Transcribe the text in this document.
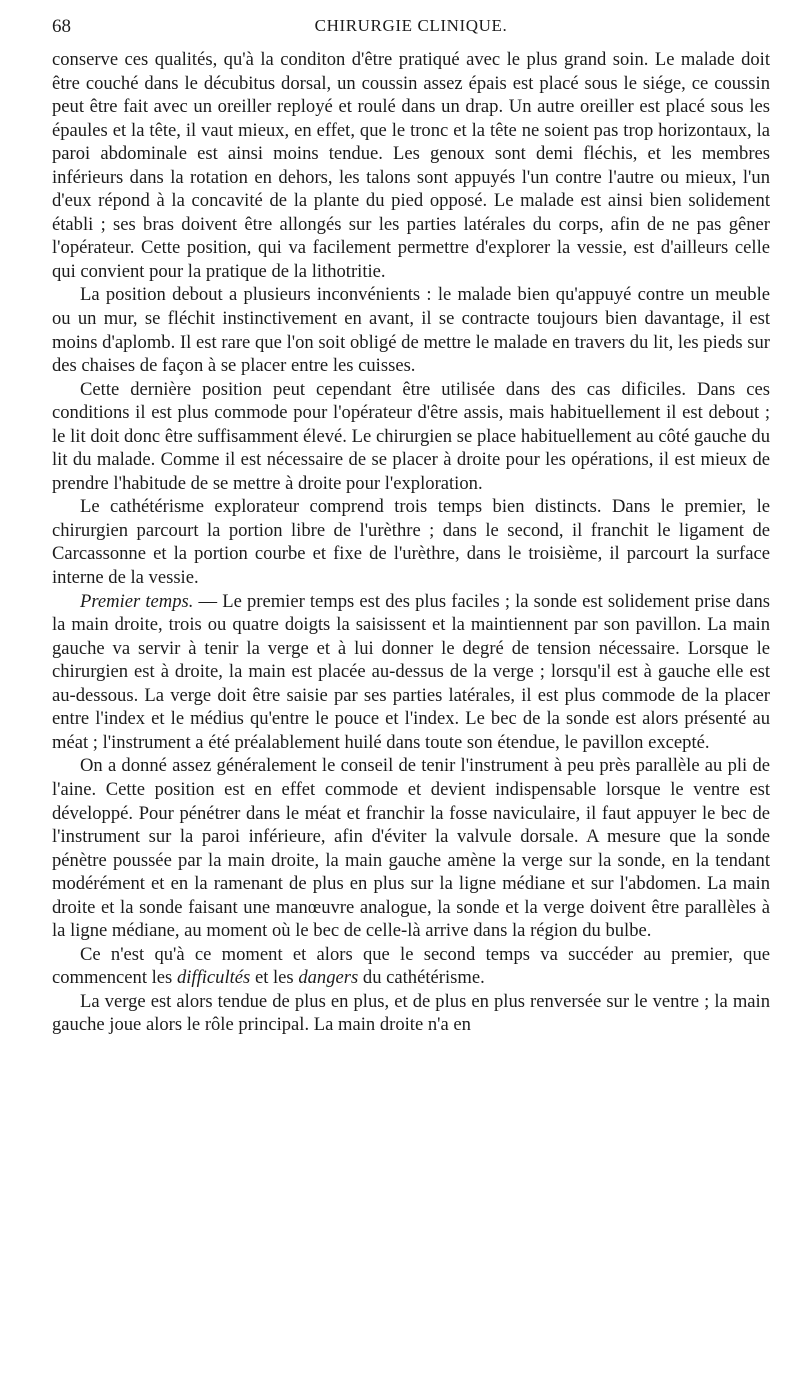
68	CHIRURGIE CLINIQUE.

conserve ces qualités, qu'à la conditon d'être pratiqué avec le plus grand soin. Le malade doit être couché dans le décubitus dorsal, un coussin assez épais est placé sous le siége, ce coussin peut être fait avec un oreiller reployé et roulé dans un drap. Un autre oreiller est placé sous les épaules et la tête, il vaut mieux, en effet, que le tronc et la tête ne soient pas trop horizontaux, la paroi abdominale est ainsi moins tendue. Les genoux sont demi fléchis, et les membres inférieurs dans la rotation en dehors, les talons sont appuyés l'un contre l'autre ou mieux, l'un d'eux répond à la concavité de la plante du pied opposé. Le malade est ainsi bien solidement établi ; ses bras doivent être allongés sur les parties latérales du corps, afin de ne pas gêner l'opérateur. Cette position, qui va facilement permettre d'explorer la vessie, est d'ailleurs celle qui convient pour la pratique de la lithotritie.

La position debout a plusieurs inconvénients : le malade bien qu'appuyé contre un meuble ou un mur, se fléchit instinctivement en avant, il se contracte toujours bien davantage, il est moins d'aplomb. Il est rare que l'on soit obligé de mettre le malade en travers du lit, les pieds sur des chaises de façon à se placer entre les cuisses.

Cette dernière position peut cependant être utilisée dans des cas dificiles. Dans ces conditions il est plus commode pour l'opérateur d'être assis, mais habituellement il est debout ; le lit doit donc être suffisamment élevé. Le chirurgien se place habituellement au côté gauche du lit du malade. Comme il est nécessaire de se placer à droite pour les opérations, il est mieux de prendre l'habitude de se mettre à droite pour l'exploration.

Le cathétérisme explorateur comprend trois temps bien distincts. Dans le premier, le chirurgien parcourt la portion libre de l'urèthre ; dans le second, il franchit le ligament de Carcassonne et la portion courbe et fixe de l'urèthre, dans le troisième, il parcourt la surface interne de la vessie.

Premier temps. — Le premier temps est des plus faciles ; la sonde est solidement prise dans la main droite, trois ou quatre doigts la saisissent et la maintiennent par son pavillon. La main gauche va servir à tenir la verge et à lui donner le degré de tension nécessaire. Lorsque le chirurgien est à droite, la main est placée au-dessus de la verge ; lorsqu'il est à gauche elle est au-dessous. La verge doit être saisie par ses parties latérales, il est plus commode de la placer entre l'index et le médius qu'entre le pouce et l'index. Le bec de la sonde est alors présenté au méat ; l'instrument a été préalablement huilé dans toute son étendue, le pavillon excepté.

On a donné assez généralement le conseil de tenir l'instrument à peu près parallèle au pli de l'aine. Cette position est en effet commode et devient indispensable lorsque le ventre est développé. Pour pénétrer dans le méat et franchir la fosse naviculaire, il faut appuyer le bec de l'instrument sur la paroi inférieure, afin d'éviter la valvule dorsale. A mesure que la sonde pénètre poussée par la main droite, la main gauche amène la verge sur la sonde, en la tendant modérément et en la ramenant de plus en plus sur la ligne médiane et sur l'abdomen. La main droite et la sonde faisant une manœuvre analogue, la sonde et la verge doivent être parallèles à la ligne médiane, au moment où le bec de celle-là arrive dans la région du bulbe.

Ce n'est qu'à ce moment et alors que le second temps va succéder au premier, que commencent les difficultés et les dangers du cathétérisme.

La verge est alors tendue de plus en plus, et de plus en plus renversée sur le ventre ; la main gauche joue alors le rôle principal. La main droite n'a en
